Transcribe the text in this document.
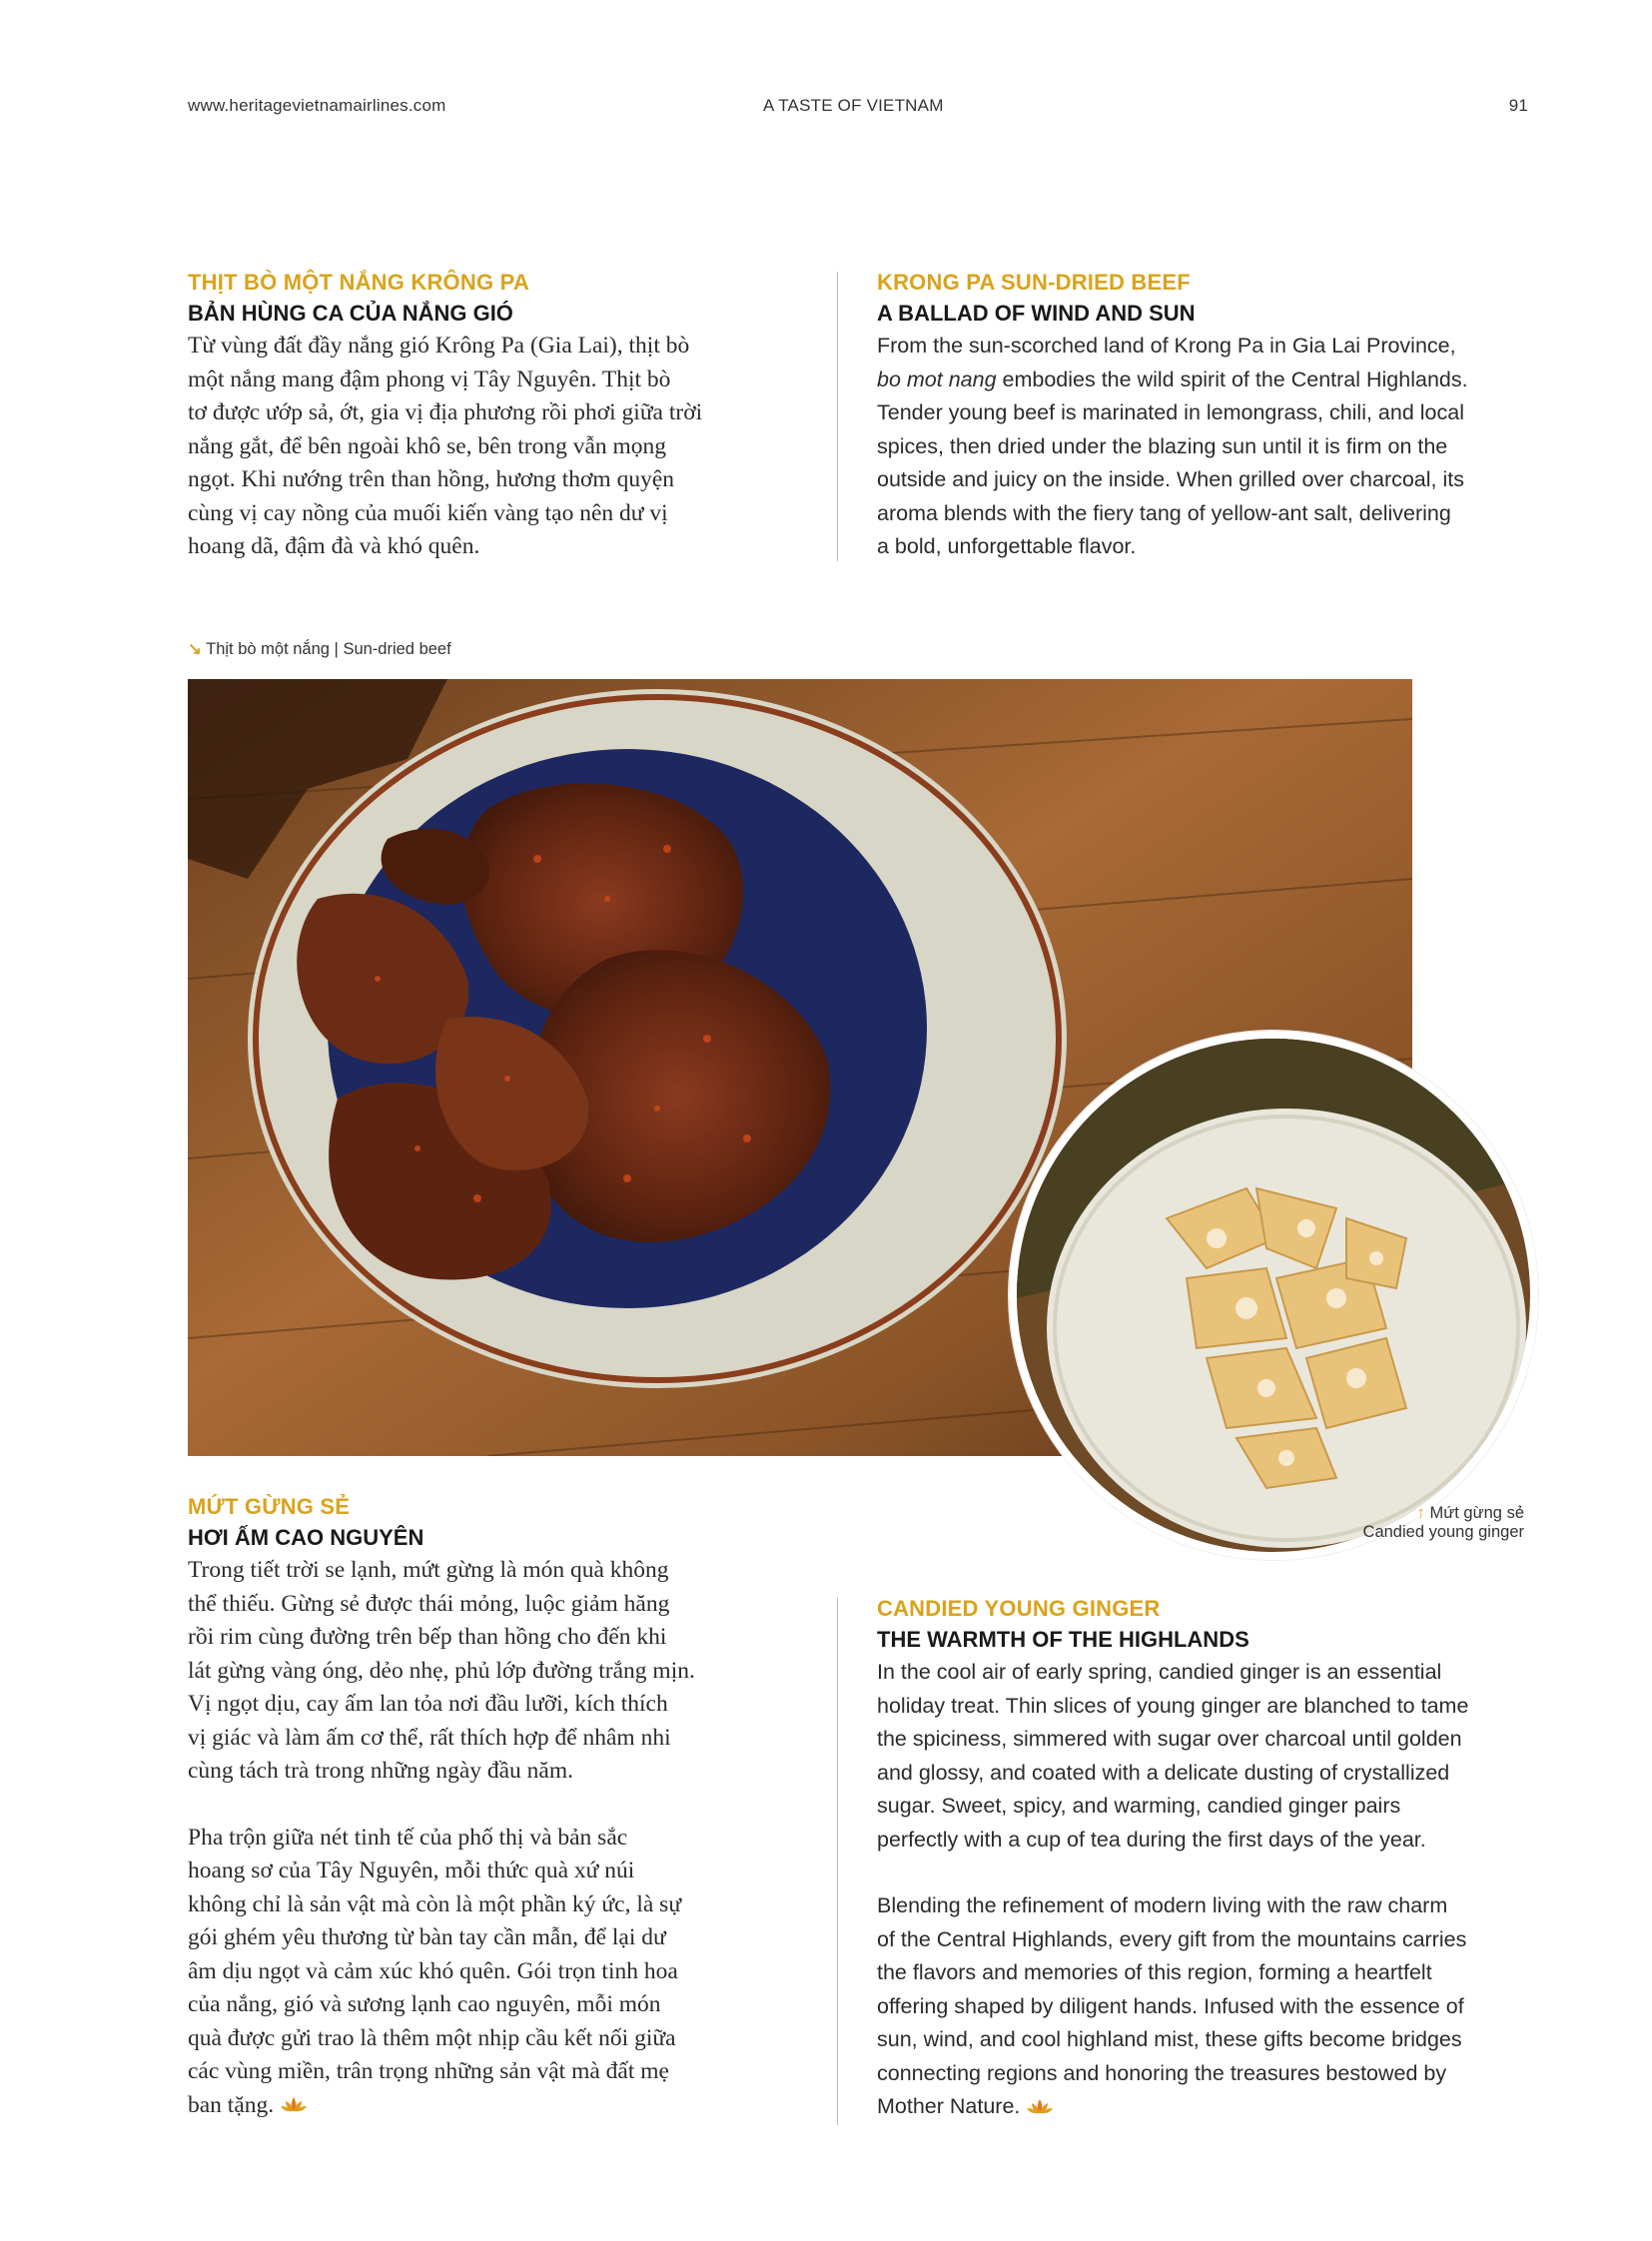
www.heritagevietnamairlines.com	A TASTE OF VIETNAM	91

THỊT BÒ MỘT NẮNG KRÔNG PA

BẢN HÙNG CA CỦA NẮNG GIÓ

Từ vùng đất đầy nắng gió Krông Pa (Gia Lai), thịt bò

một nắng mang đậm phong vị Tây Nguyên. Thịt bò

tơ được ướp sả, ớt, gia vị địa phương rồi phơi giữa trời

nắng gắt, để bên ngoài khô se, bên trong vẫn mọng

ngọt. Khi nướng trên than hồng, hương thơm quyện

cùng vị cay nồng của muối kiến vàng tạo nên dư vị

hoang dã, đậm đà và khó quên.

KRONG PA SUN-DRIED BEEF

A BALLAD OF WIND AND SUN

From the sun-scorched land of Krong Pa in Gia Lai Province,

bo mot nang embodies the wild spirit of the Central Highlands.

Tender young beef is marinated in lemongrass, chili, and local

spices, then dried under the blazing sun until it is firm on the

outside and juicy on the inside. When grilled over charcoal, its

aroma blends with the fiery tang of yellow-ant salt, delivering

a bold, unforgettable flavor.

↘ Thịt bò một nắng | Sun-dried beef
↑ Mứt gừng sẻ
Candied young ginger

MỨT GỪNG SẺ

HƠI ẤM CAO NGUYÊN

Trong tiết trời se lạnh, mứt gừng là món quà không

thể thiếu. Gừng sẻ được thái mỏng, luộc giảm hăng

rồi rim cùng đường trên bếp than hồng cho đến khi

lát gừng vàng óng, dẻo nhẹ, phủ lớp đường trắng mịn.

Vị ngọt dịu, cay ấm lan tỏa nơi đầu lưỡi, kích thích

vị giác và làm ấm cơ thể, rất thích hợp để nhâm nhi

cùng tách trà trong những ngày đầu năm.

Pha trộn giữa nét tinh tế của phố thị và bản sắc

hoang sơ của Tây Nguyên, mỗi thức quà xứ núi

không chỉ là sản vật mà còn là một phần ký ức, là sự

gói ghém yêu thương từ bàn tay cần mẫn, để lại dư

âm dịu ngọt và cảm xúc khó quên. Gói trọn tinh hoa

của nắng, gió và sương lạnh cao nguyên, mỗi món

quà được gửi trao là thêm một nhịp cầu kết nối giữa

các vùng miền, trân trọng những sản vật mà đất mẹ

ban tặng.

CANDIED YOUNG GINGER

THE WARMTH OF THE HIGHLANDS

In the cool air of early spring, candied ginger is an essential

holiday treat. Thin slices of young ginger are blanched to tame

the spiciness, simmered with sugar over charcoal until golden

and glossy, and coated with a delicate dusting of crystallized

sugar. Sweet, spicy, and warming, candied ginger pairs

perfectly with a cup of tea during the first days of the year.

Blending the refinement of modern living with the raw charm

of the Central Highlands, every gift from the mountains carries

the flavors and memories of this region, forming a heartfelt

offering shaped by diligent hands. Infused with the essence of

sun, wind, and cool highland mist, these gifts become bridges

connecting regions and honoring the treasures bestowed by

Mother Nature.
